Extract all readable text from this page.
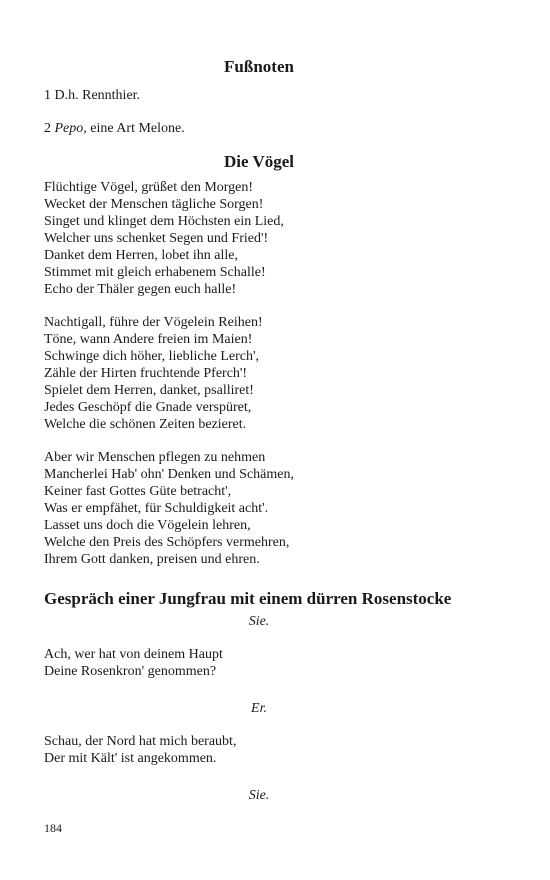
Fußnoten

1 D.h. Rennthier.

2 Pepo, eine Art Melone.

Die Vögel

Flüchtige Vögel, grüßet den Morgen!

Wecket der Menschen tägliche Sorgen!

Singet und klinget dem Höchsten ein Lied,

Welcher uns schenket Segen und Fried'!

Danket dem Herren, lobet ihn alle,

Stimmet mit gleich erhabenem Schalle!

Echo der Thäler gegen euch halle!

Nachtigall, führe der Vögelein Reihen!

Töne, wann Andere freien im Maien!

Schwinge dich höher, liebliche Lerch',

Zähle der Hirten fruchtende Pferch'!

Spielet dem Herren, danket, psalliret!

Jedes Geschöpf die Gnade verspüret,

Welche die schönen Zeiten bezieret.

Aber wir Menschen pflegen zu nehmen

Mancherlei Hab' ohn' Denken und Schämen,

Keiner fast Gottes Güte betracht',

Was er empfähet, für Schuldigkeit acht'.

Lasset uns doch die Vögelein lehren,

Welche den Preis des Schöpfers vermehren,

Ihrem Gott danken, preisen und ehren.

Gespräch einer Jungfrau mit einem dürren Rosenstocke

Sie.

Ach, wer hat von deinem Haupt

Deine Rosenkron' genommen?

Er.

Schau, der Nord hat mich beraubt,

Der mit Kält' ist angekommen.

Sie.

184
